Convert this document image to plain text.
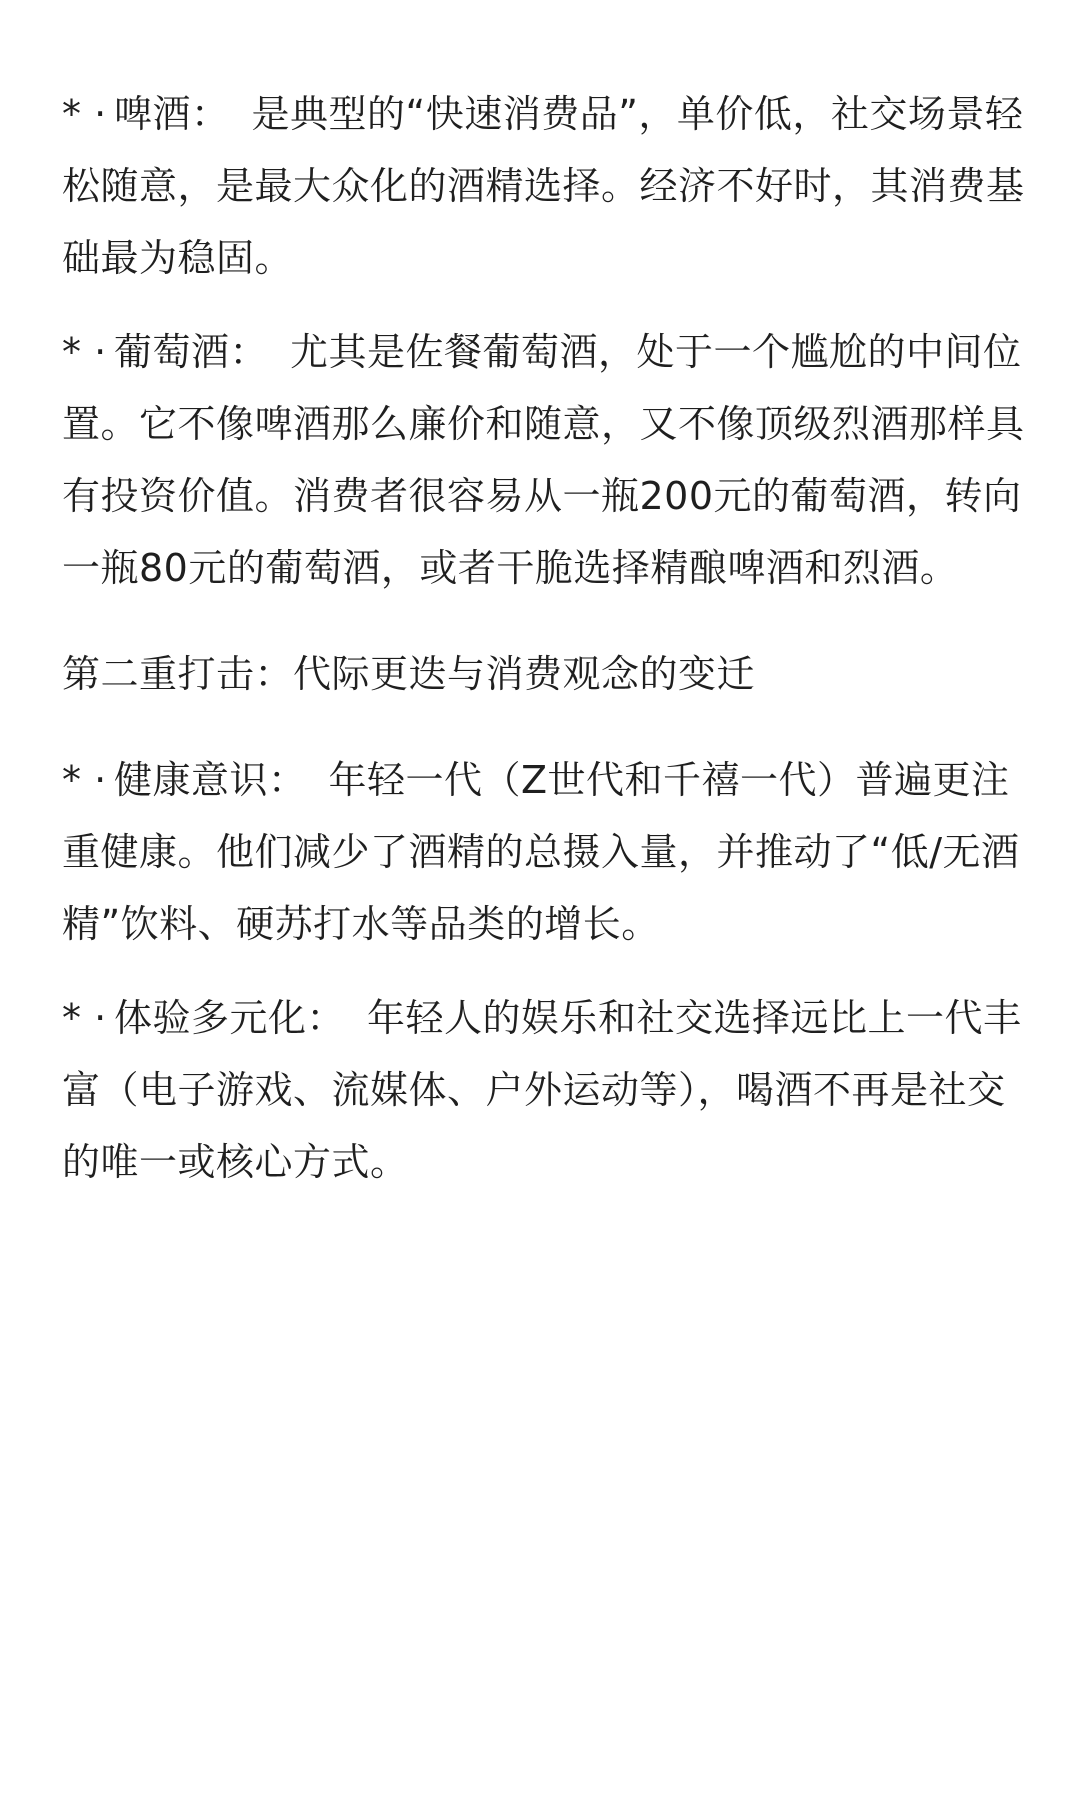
* · 啤酒： 是典型的“快速消费品”，单价低，社交场景轻松随意，是最大众化的酒精选择。经济不好时，其消费基础最为稳固。

* · 葡萄酒： 尤其是佐餐葡萄酒，处于一个尴尬的中间位置。它不像啤酒那么廉价和随意，又不像顶级烈酒那样具有投资价值。消费者很容易从一瓶200元的葡萄酒，转向一瓶80元的葡萄酒，或者干脆选择精酿啤酒和烈酒。

第二重打击：代际更迭与消费观念的变迁

* · 健康意识： 年轻一代（Z世代和千禧一代）普遍更注重健康。他们减少了酒精的总摄入量，并推动了“低/无酒精”饮料、硬苏打水等品类的增长。

* · 体验多元化： 年轻人的娱乐和社交选择远比上一代丰富（电子游戏、流媒体、户外运动等），喝酒不再是社交的唯一或核心方式。
